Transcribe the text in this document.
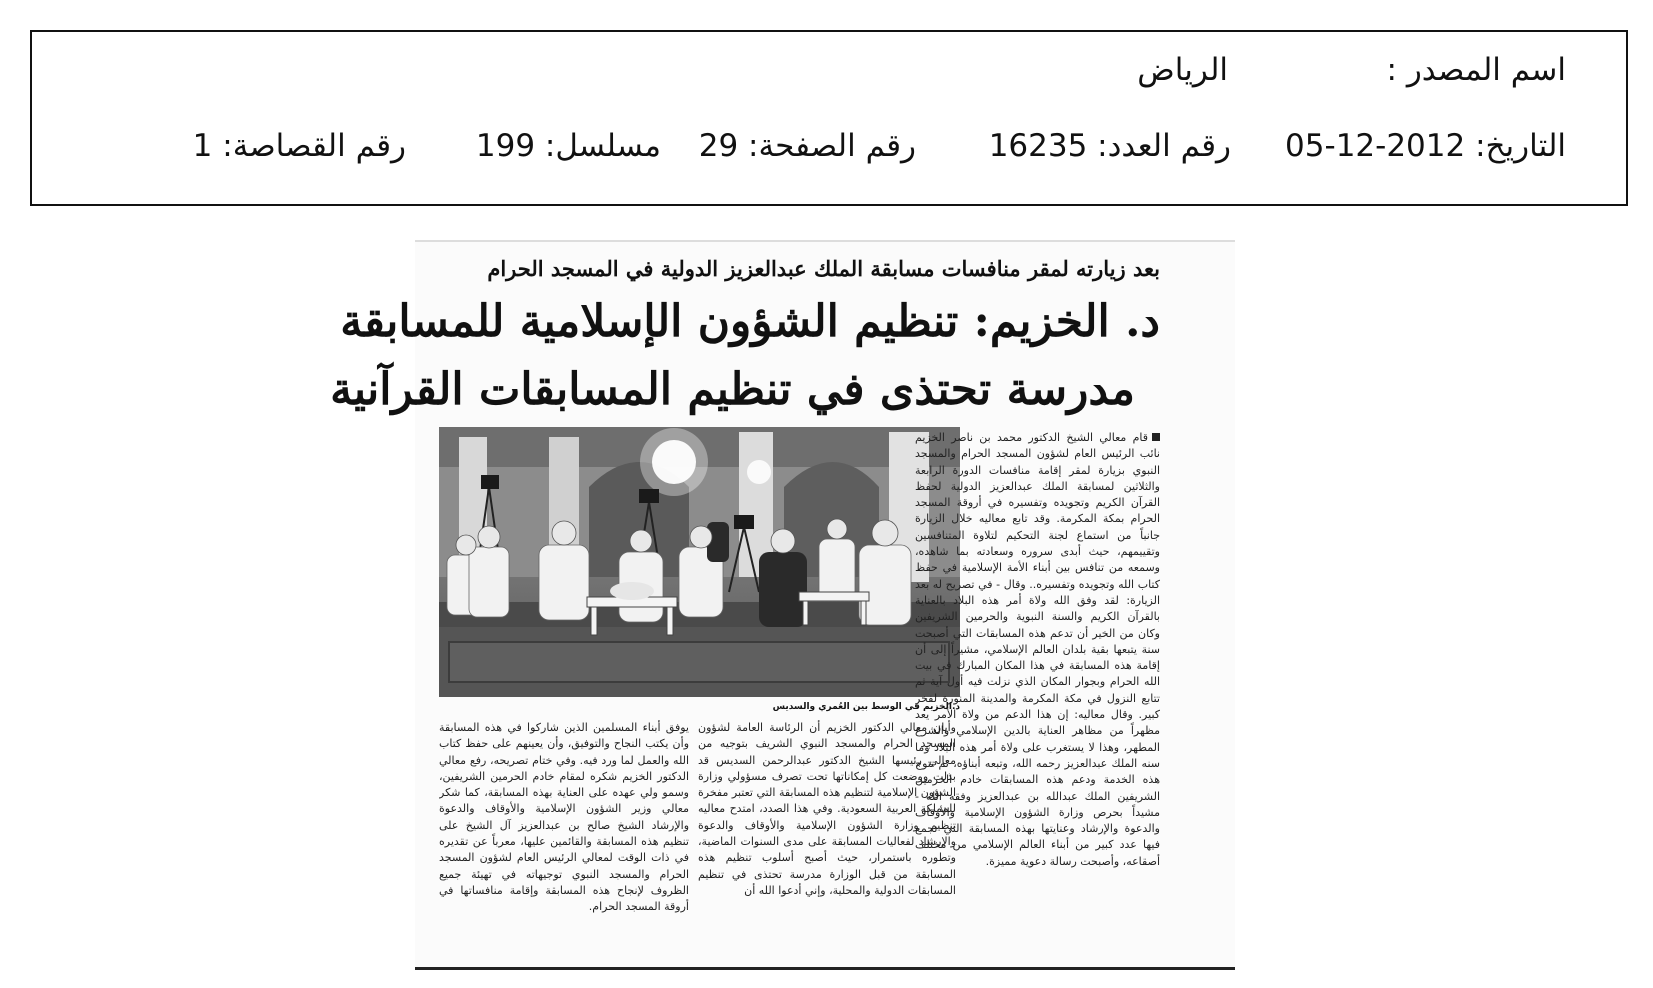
اسم المصدر :
الرياض
التاريخ: 2012-12-05
رقم العدد: 16235
رقم الصفحة: 29
مسلسل: 199
رقم القصاصة: 1
بعد زيارته لمقر منافسات مسابقة الملك عبدالعزيز الدولية في المسجد الحرام
د. الخزيم: تنظيم الشؤون الإسلامية للمسابقة
مدرسة تحتذى في تنظيم المسابقات القرآنية
د.الخزيم في الوسط بين العُمري والسديس

قام معالي الشيخ الدكتور محمد بن ناصر الخزيم نائب الرئيس العام لشؤون المسجد الحرام والمسجد النبوي بزيارة لمقر إقامة منافسات الدورة الرابعة والثلاثين لمسابقة الملك عبدالعزيز الدولية لحفظ القرآن الكريم وتجويده وتفسيره في أروقة المسجد الحرام بمكة المكرمة. وقد تابع معاليه خلال الزيارة جانباً من استماع لجنة التحكيم لتلاوة المتنافسين وتقييمهم، حيث أبدى سروره وسعادته بما شاهده، وسمعه من تنافس بين أبناء الأمة الإسلامية في حفظ كتاب الله وتجويده وتفسيره.. وقال - في تصريح له بعد الزيارة: لقد وفق الله ولاة أمر هذه البلاد بالعناية بالقرآن الكريم والسنة النبوية والحرمين الشريفين وكان من الخير أن تدعم هذه المسابقات التي أصبحت سنة يتبعها بقية بلدان العالم الإسلامي، مشيراً إلى أن إقامة هذه المسابقة في هذا المكان المبارك في بيت الله الحرام وبجوار المكان الذي نزلت فيه أول آية ثم تتابع النزول في مكة المكرمة والمدينة المنورة لفخر كبير. وقال معاليه: إن هذا الدعم من ولاة الأمر يعد مظهراً من مظاهر العناية بالدين الإسلامي والشرع المطهر، وهذا لا يستغرب على ولاة أمر هذه البلاد وما سنه الملك عبدالعزيز رحمه الله، وتبعه أبناؤه، ثم تتوج هذه الخدمة ودعم هذه المسابقات خادم الحرمين الشريفين الملك عبدالله بن عبدالعزيز وفقه الله - مشيداً بحرص وزارة الشؤون الإسلامية والأوقاف والدعوة والإرشاد وعنايتها بهذه المسابقة التي تجمع فيها عدد كبير من أبناء العالم الإسلامي من مختلف أصقاعه، وأصبحت رسالة دعوية مميزة.

وأبان معالي الدكتور الخزيم أن الرئاسة العامة لشؤون المسجد الحرام والمسجد النبوي الشريف بتوجيه من معالي رئيسها الشيخ الدكتور عبدالرحمن السديس قد بذلت ووضعت كل إمكاناتها تحت تصرف مسؤولي وزارة الشؤون الإسلامية لتنظيم هذه المسابقة التي تعتبر مفخرة للمملكة العربية السعودية. وفي هذا الصدد، امتدح معاليه تنظيم وزارة الشؤون الإسلامية والأوقاف والدعوة والإرشاد لفعاليات المسابقة على مدى السنوات الماضية، وتطوره باستمرار، حيث أصبح أسلوب تنظيم هذه المسابقة من قبل الوزارة مدرسة تحتذى في تنظيم المسابقات الدولية والمحلية، وإني أدعوا الله أن

يوفق أبناء المسلمين الذين شاركوا في هذه المسابقة وأن يكتب النجاح والتوفيق، وأن يعينهم على حفظ كتاب الله والعمل لما ورد فيه. وفي ختام تصريحه، رفع معالي الدكتور الخزيم شكره لمقام خادم الحرمين الشريفين، وسمو ولي عهده على العناية بهذه المسابقة، كما شكر معالي وزير الشؤون الإسلامية والأوقاف والدعوة والإرشاد الشيخ صالح بن عبدالعزيز آل الشيخ على تنظيم هذه المسابقة والقائمين عليها، معرباً عن تقديره في ذات الوقت لمعالي الرئيس العام لشؤون المسجد الحرام والمسجد النبوي توجيهاته في تهيئة جميع الظروف لإنجاح هذه المسابقة وإقامة منافساتها في أروقة المسجد الحرام.
